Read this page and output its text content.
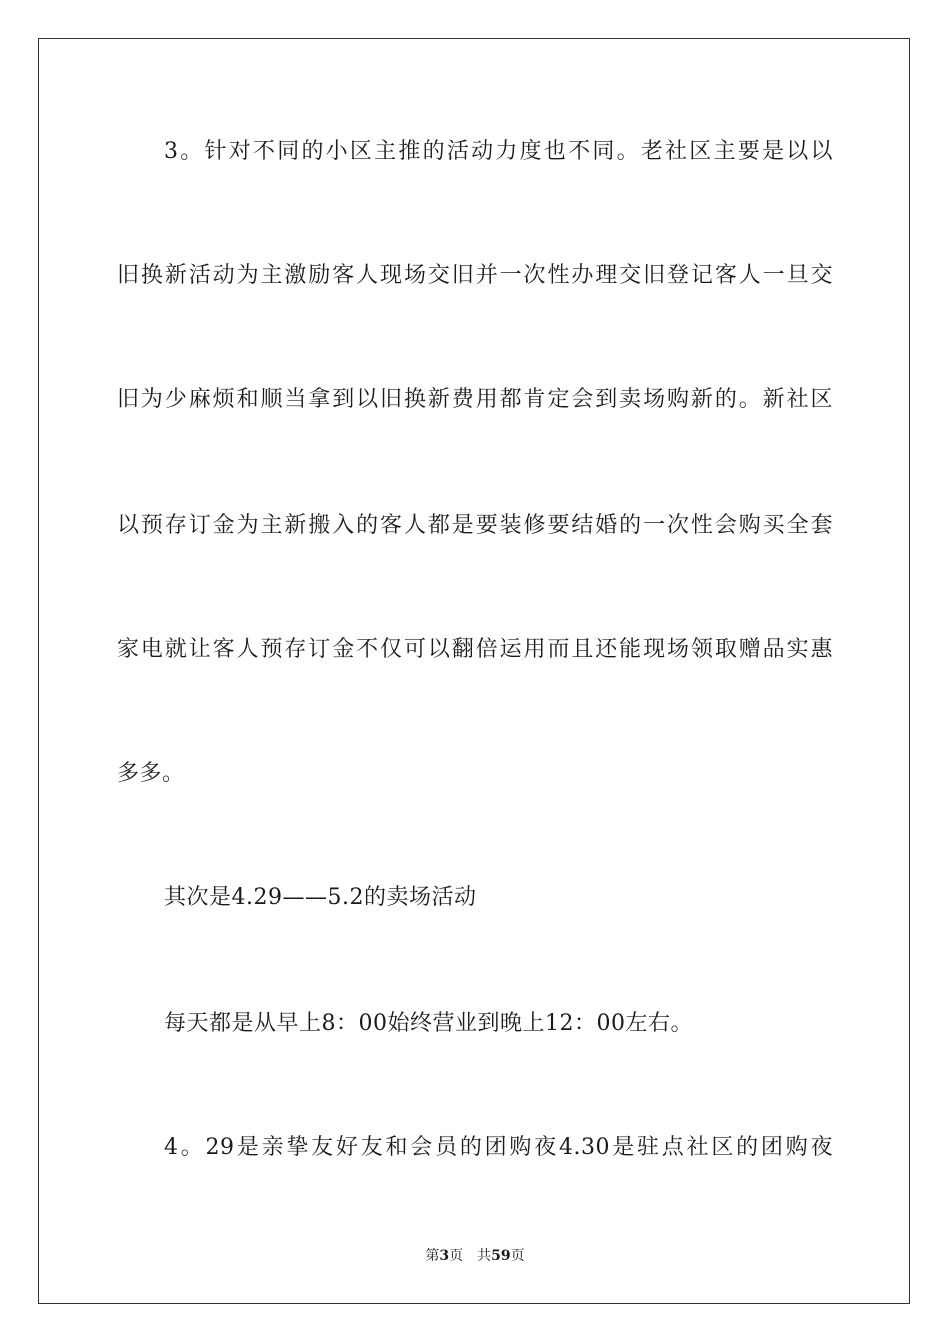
3。针对不同的小区主推的活动力度也不同。老社区主要是以以
旧换新活动为主激励客人现场交旧并一次性办理交旧登记客人一旦交
旧为少麻烦和顺当拿到以旧换新费用都肯定会到卖场购新的。新社区
以预存订金为主新搬入的客人都是要装修要结婚的一次性会购买全套
家电就让客人预存订金不仅可以翻倍运用而且还能现场领取赠品实惠
多多。
其次是4.29——5.2的卖场活动
每天都是从早上8：00始终营业到晚上12：00左右。
4。29是亲挚友好友和会员的团购夜4.30是驻点社区的团购夜
第3页 共59页
